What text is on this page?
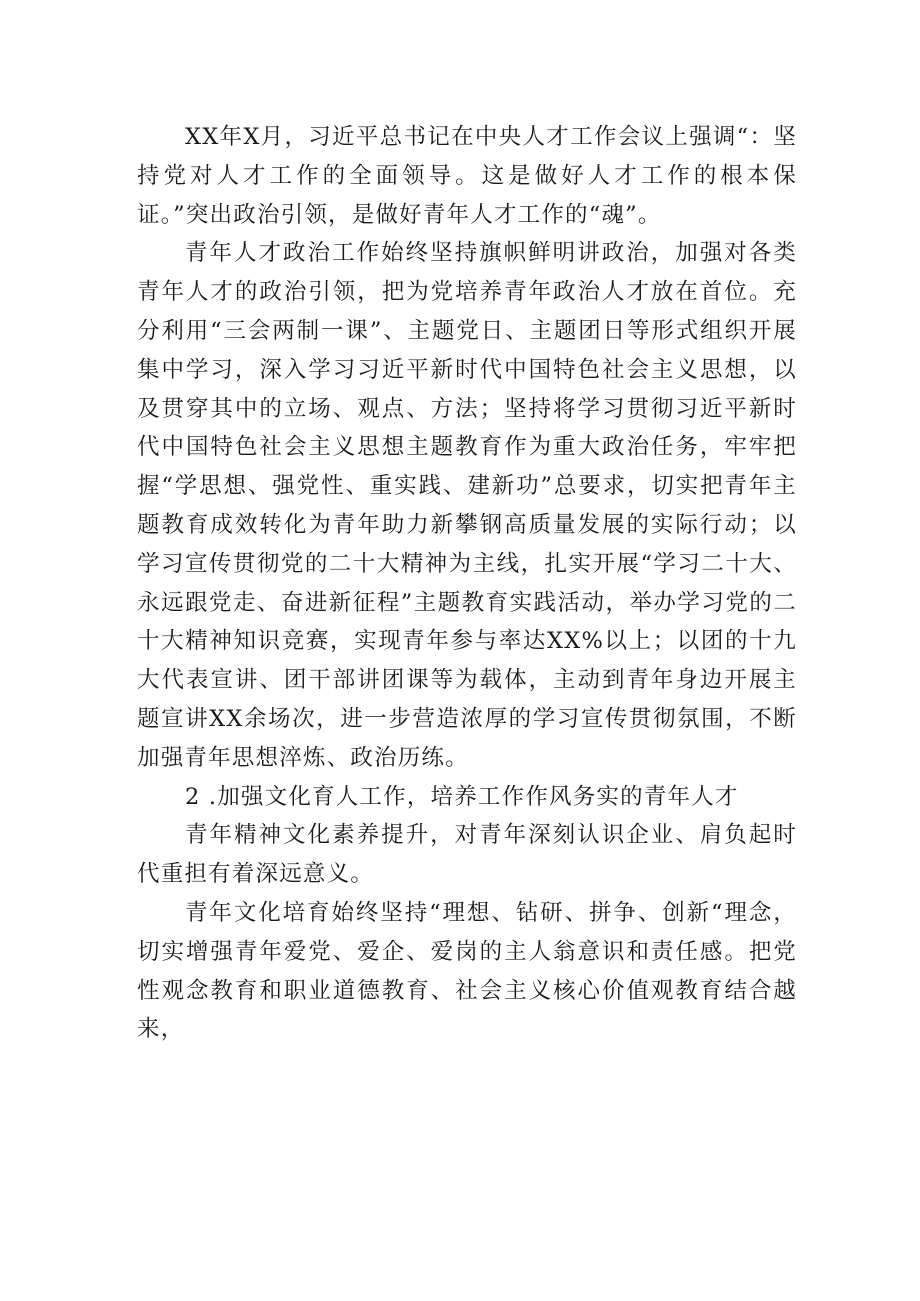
XX年X月，习近平总书记在中央人才工作会议上强调“：坚持党对人才工作的全面领导。这是做好人才工作的根本保证。”突出政治引领，是做好青年人才工作的“魂”。

青年人才政治工作始终坚持旗帜鲜明讲政治，加强对各类青年人才的政治引领，把为党培养青年政治人才放在首位。充分利用“三会两制一课”、主题党日、主题团日等形式组织开展集中学习，深入学习习近平新时代中国特色社会主义思想，以及贯穿其中的立场、观点、方法；坚持将学习贯彻习近平新时代中国特色社会主义思想主题教育作为重大政治任务，牢牢把握“学思想、强党性、重实践、建新功”总要求，切实把青年主题教育成效转化为青年助力新攀钢高质量发展的实际行动；以学习宣传贯彻党的二十大精神为主线，扎实开展“学习二十大、永远跟党走、奋进新征程”主题教育实践活动，举办学习党的二十大精神知识竞赛，实现青年参与率达XX%以上；以团的十九大代表宣讲、团干部讲团课等为载体，主动到青年身边开展主题宣讲XX余场次，进一步营造浓厚的学习宣传贯彻氛围，不断加强青年思想淬炼、政治历练。

2 .加强文化育人工作，培养工作作风务实的青年人才

青年精神文化素养提升，对青年深刻认识企业、肩负起时代重担有着深远意义。

青年文化培育始终坚持“理想、钻研、拼争、创新“理念，切实增强青年爱党、爱企、爱岗的主人翁意识和责任感。把党性观念教育和职业道德教育、社会主义核心价值观教育结合越来，
